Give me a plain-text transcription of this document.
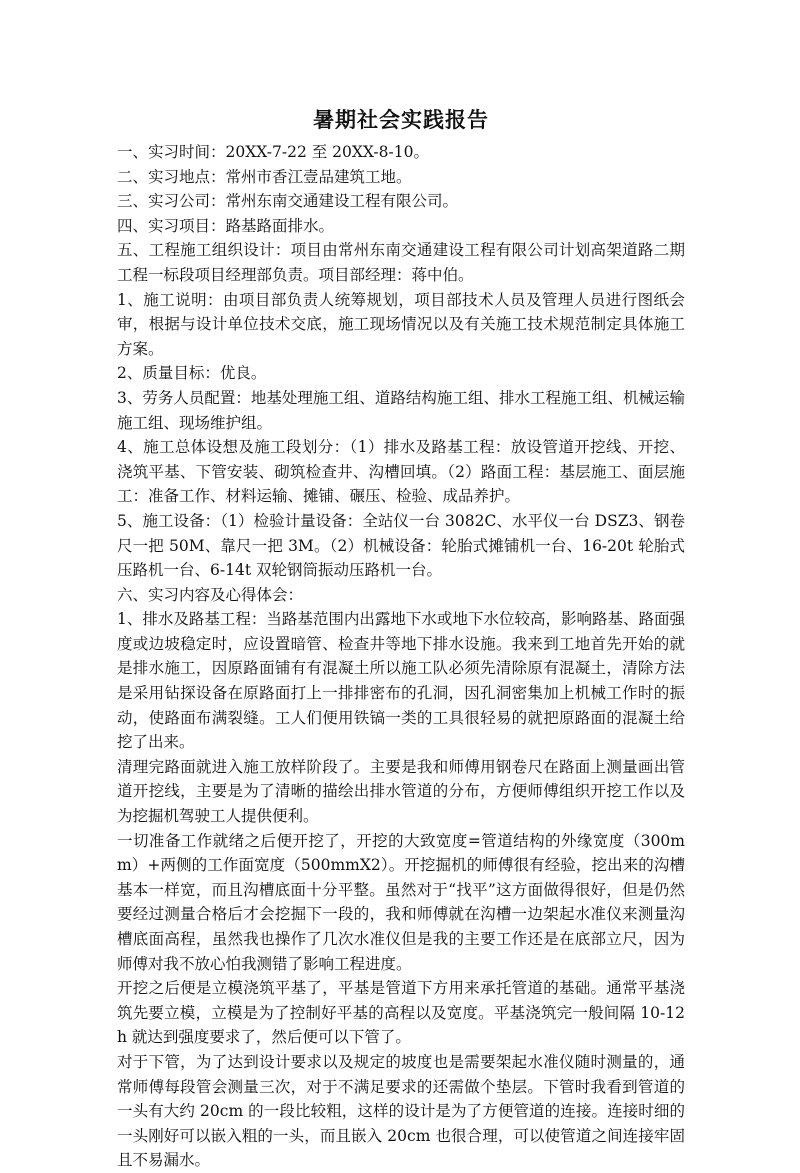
暑期社会实践报告

一、实习时间：20XX-7-22 至 20XX-8-10。

二、实习地点：常州市香江壹品建筑工地。

三、实习公司：常州东南交通建设工程有限公司。

四、实习项目：路基路面排水。

五、工程施工组织设计：项目由常州东南交通建设工程有限公司计划高架道路二期工程一标段项目经理部负责。项目部经理：蒋中伯。

1、施工说明：由项目部负责人统筹规划，项目部技术人员及管理人员进行图纸会审，根据与设计单位技术交底，施工现场情况以及有关施工技术规范制定具体施工方案。

2、质量目标：优良。

3、劳务人员配置：地基处理施工组、道路结构施工组、排水工程施工组、机械运输施工组、现场维护组。

4、施工总体设想及施工段划分：（1）排水及路基工程：放设管道开挖线、开挖、浇筑平基、下管安装、砌筑检查井、沟槽回填。（2）路面工程：基层施工、面层施工：准备工作、材料运输、摊铺、碾压、检验、成品养护。

5、施工设备：（1）检验计量设备：全站仪一台 3082C、水平仪一台 DSZ3、钢卷尺一把 50M、靠尺一把 3M。（2）机械设备：轮胎式摊铺机一台、16-20t 轮胎式压路机一台、6-14t 双轮钢筒振动压路机一台。

六、实习内容及心得体会：

1、排水及路基工程：当路基范围内出露地下水或地下水位较高，影响路基、路面强度或边坡稳定时，应设置暗管、检查井等地下排水设施。我来到工地首先开始的就是排水施工，因原路面铺有有混凝土所以施工队必须先清除原有混凝土，清除方法是采用钻探设备在原路面打上一排排密布的孔洞，因孔洞密集加上机械工作时的振动，使路面布满裂缝。工人们便用铁镐一类的工具很轻易的就把原路面的混凝土给挖了出来。

清理完路面就进入施工放样阶段了。主要是我和师傅用钢卷尺在路面上测量画出管道开挖线，主要是为了清晰的描绘出排水管道的分布，方便师傅组织开挖工作以及为挖掘机驾驶工人提供便利。

一切准备工作就绪之后便开挖了，开挖的大致宽度=管道结构的外缘宽度（300mm）+两侧的工作面宽度（500mmX2）。开挖掘机的师傅很有经验，挖出来的沟槽基本一样宽，而且沟槽底面十分平整。虽然对于“找平”这方面做得很好，但是仍然要经过测量合格后才会挖掘下一段的，我和师傅就在沟槽一边架起水准仪来测量沟槽底面高程，虽然我也操作了几次水准仪但是我的主要工作还是在底部立尺，因为师傅对我不放心怕我测错了影响工程进度。

开挖之后便是立模浇筑平基了，平基是管道下方用来承托管道的基础。通常平基浇筑先要立模，立模是为了控制好平基的高程以及宽度。平基浇筑完一般间隔 10-12h 就达到强度要求了，然后便可以下管了。

对于下管，为了达到设计要求以及规定的坡度也是需要架起水准仪随时测量的，通常师傅每段管会测量三次，对于不满足要求的还需做个垫层。下管时我看到管道的一头有大约 20cm 的一段比较粗，这样的设计是为了方便管道的连接。连接时细的一头刚好可以嵌入粗的一头，而且嵌入 20cm 也很合理，可以使管道之间连接牢固且不易漏水。
